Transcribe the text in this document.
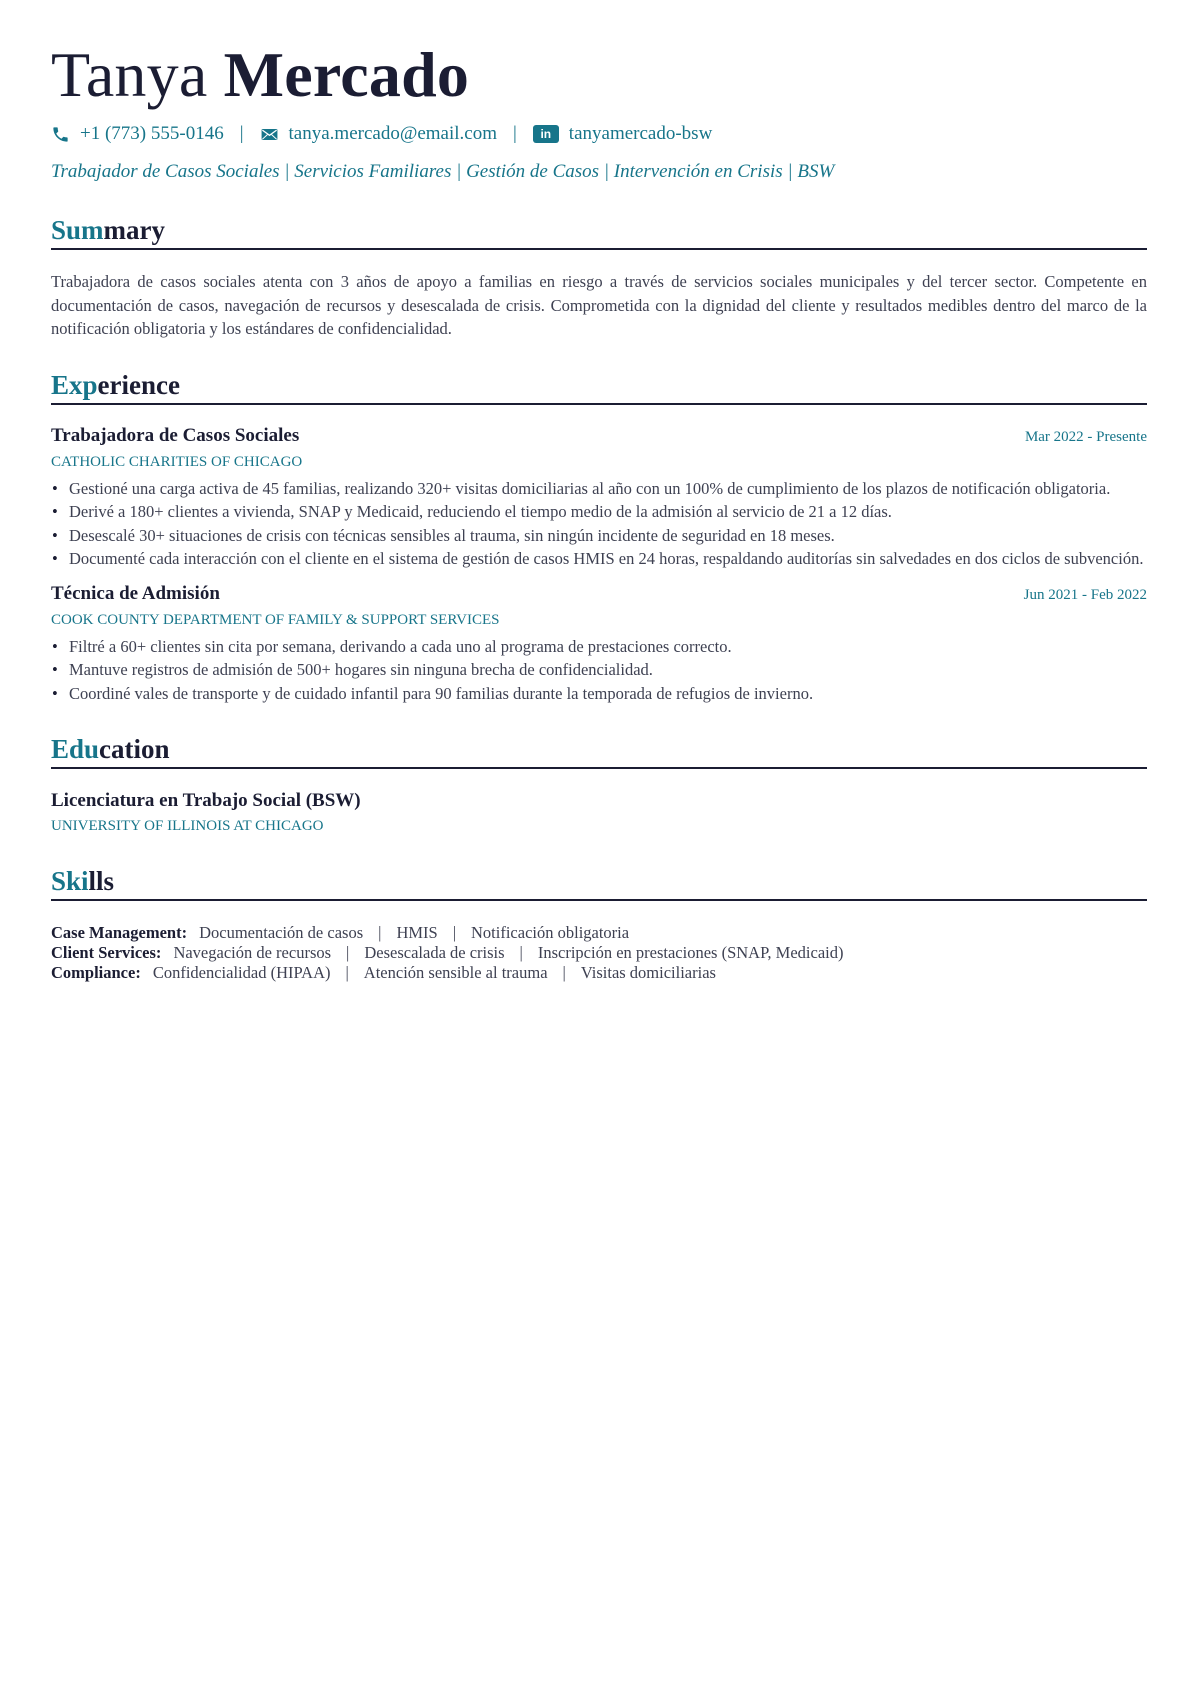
Tanya Mercado
+1 (773) 555-0146 | tanya.mercado@email.com |	in tanyamercado-bsw
Trabajador de Casos Sociales | Servicios Familiares | Gestión de Casos | Intervención en Crisis | BSW
Summary
Trabajadora de casos sociales atenta con 3 años de apoyo a familias en riesgo a través de servicios sociales municipales y del tercer sector. Competente en documentación de casos, navegación de recursos y desescalada de crisis. Comprometida con la dignidad del cliente y resultados medibles dentro del marco de la notificación obligatoria y los estándares de confidencialidad.
Experience
Trabajadora de Casos Sociales	Mar 2022 - Presente
CATHOLIC CHARITIES OF CHICAGO
• Gestioné una carga activa de 45 familias, realizando 320+ visitas domiciliarias al año con un 100% de cumplimiento de los plazos de notificación obligatoria.
• Derivé a 180+ clientes a vivienda, SNAP y Medicaid, reduciendo el tiempo medio de la admisión al servicio de 21 a 12 días.
• Desescalé 30+ situaciones de crisis con técnicas sensibles al trauma, sin ningún incidente de seguridad en 18 meses.
• Documenté cada interacción con el cliente en el sistema de gestión de casos HMIS en 24 horas, respaldando auditorías sin salvedades en dos ciclos de subvención.
Técnica de Admisión	Jun 2021 - Feb 2022
COOK COUNTY DEPARTMENT OF FAMILY & SUPPORT SERVICES
• Filtré a 60+ clientes sin cita por semana, derivando a cada uno al programa de prestaciones correcto.
• Mantuve registros de admisión de 500+ hogares sin ninguna brecha de confidencialidad.
• Coordiné vales de transporte y de cuidado infantil para 90 familias durante la temporada de refugios de invierno.
Education
Licenciatura en Trabajo Social (BSW)
UNIVERSITY OF ILLINOIS AT CHICAGO
Skills
Case Management: Documentación de casos | HMIS | Notificación obligatoria
Client Services: Navegación de recursos | Desescalada de crisis | Inscripción en prestaciones (SNAP, Medicaid)
Compliance: Confidencialidad (HIPAA) | Atención sensible al trauma | Visitas domiciliarias
